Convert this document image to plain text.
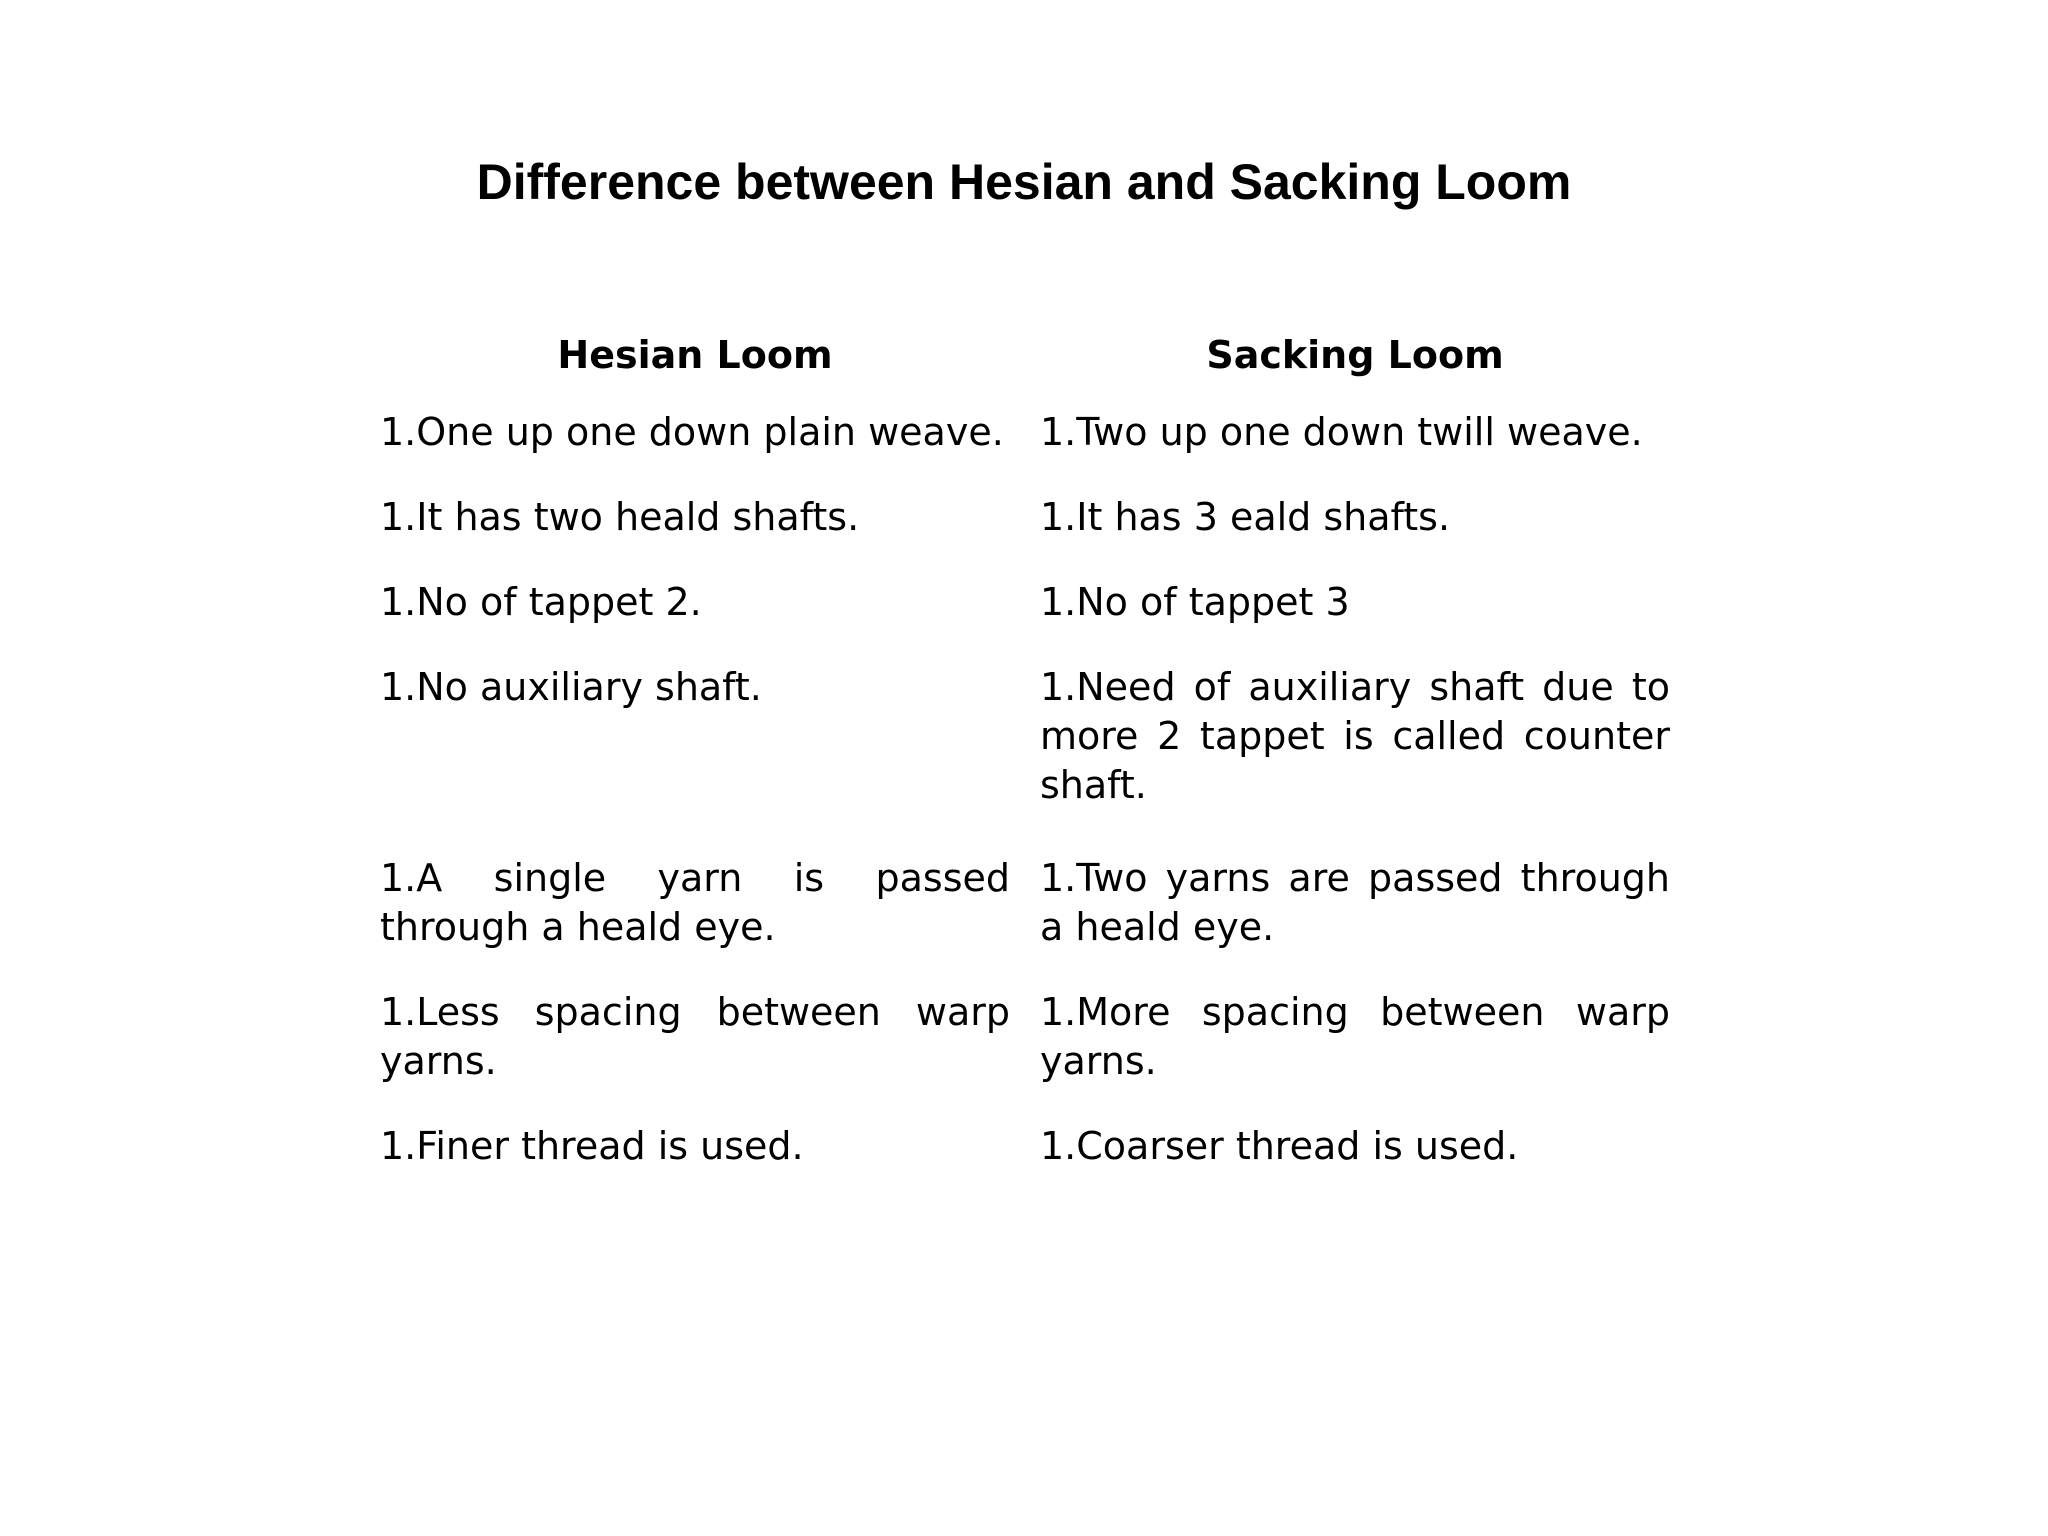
Difference between Hesian and Sacking Loom
Hesian Loom		Sacking Loom
1.One up one down plain weave.		1.Two up one down twill weave.
1.It has two heald shafts.		1.It has 3 eald shafts.
1.No of tappet 2.		1.No of tappet 3
1.No auxiliary shaft.		1.Need of auxiliary shaft due to more 2 tappet is called counter shaft.
1.A single yarn is passed through a heald eye.		1.Two yarns are passed through a heald eye.
1.Less spacing between warp yarns.		1.More spacing between warp yarns.
1.Finer thread is used.		1.Coarser thread is used.
